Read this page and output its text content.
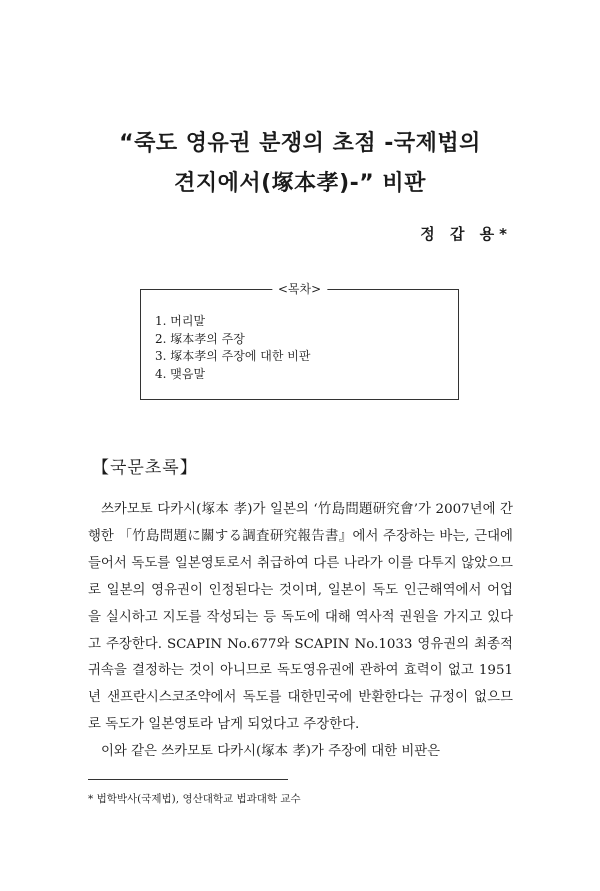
“죽도 영유권 분쟁의 초점 -국제법의
견지에서(塚本孝)-” 비판
정 갑 용*
<목차>
1. 머리말
2. 塚本孝의 주장
3. 塚本孝의 주장에 대한 비판
4. 맺음말
【국문초록】

쓰카모토 다카시(塚本 孝)가 일본의 ‘竹島問題研究會’가 2007년에 간행한 「竹島問題に關する調査研究報告書』에서 주장하는 바는, 근대에 들어서 독도를 일본영토로서 취급하여 다른 나라가 이를 다투지 않았으므로 일본의 영유권이 인정된다는 것이며, 일본이 독도 인근해역에서 어업을 실시하고 지도를 작성되는 등 독도에 대해 역사적 권원을 가지고 있다고 주장한다. SCAPIN No.677와 SCAPIN No.1033 영유권의 최종적 귀속을 결정하는 것이 아니므로 독도영유권에 관하여 효력이 없고 1951년 샌프란시스코조약에서 독도를 대한민국에 반환한다는 규정이 없으므로 독도가 일본영토라 남게 되었다고 주장한다.

이와 같은 쓰카모토 다카시(塚本 孝)가 주장에 대한 비판은

* 법학박사(국제법), 영산대학교 법과대학 교수
